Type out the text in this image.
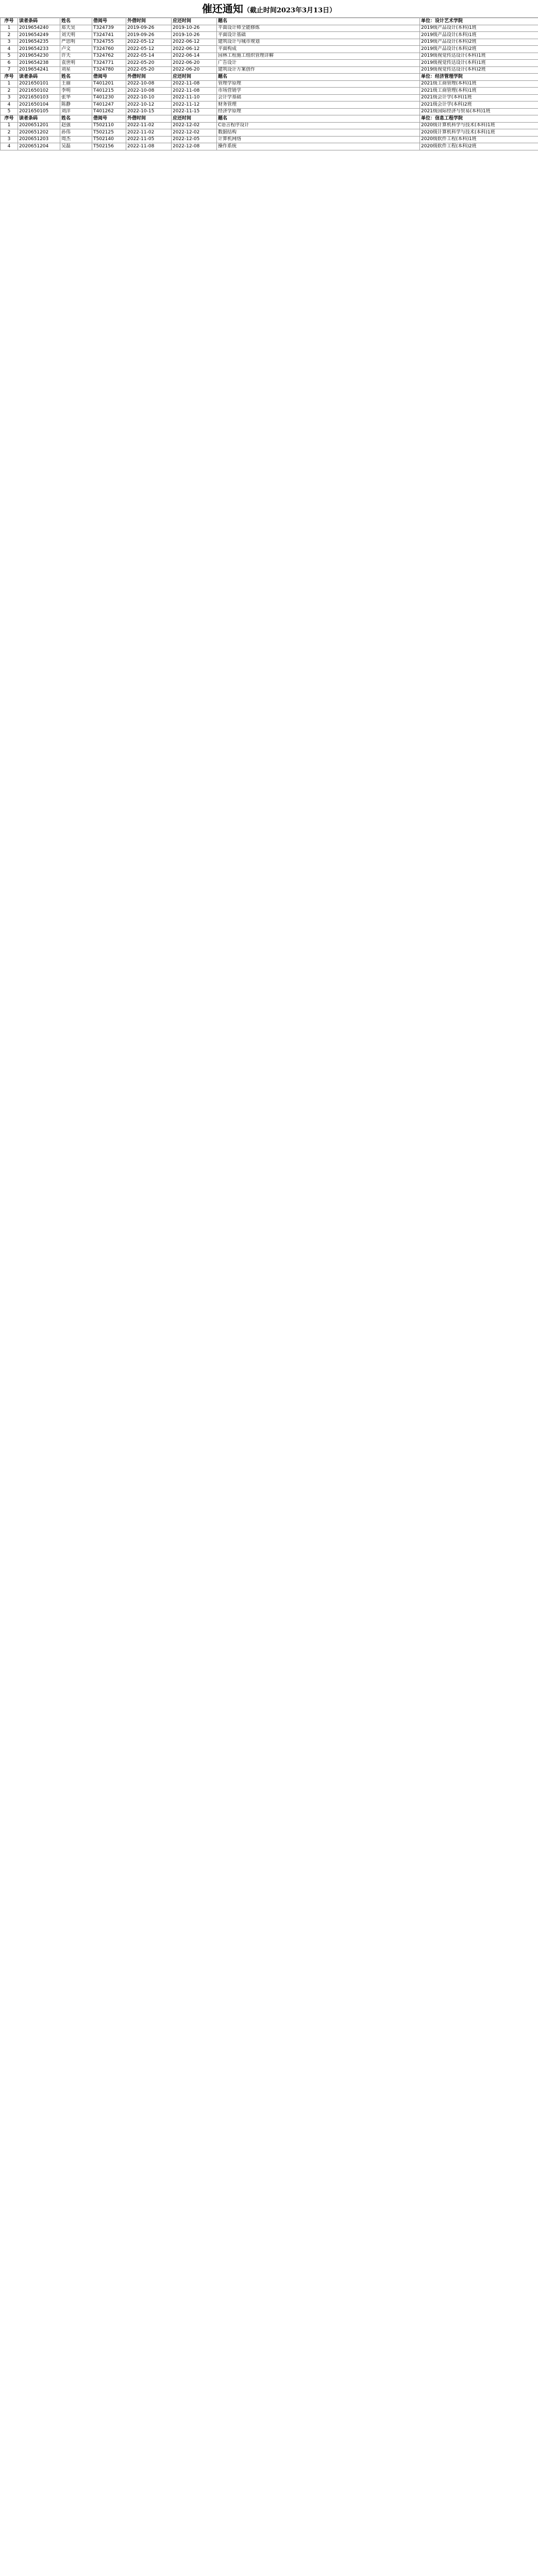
催还通知（截止时间2023年3月13日）
序号	读者条码	姓名	借阅号	外借时间	应还时间	题名	单位：设计艺术学院
1	2019654240	郑天昊	T324739	2019-09-26	2019-10-26	平面设计师全能修炼	2019级产品设计(本科)1班
2	2019654249	刘天明	T324741	2019-09-26	2019-10-26	平面设计基础	2019级产品设计(本科)1班
3	2019654235	严思明	T324755	2022-05-12	2022-06-12	建筑设计与城市规划	2019级产品设计(本科)2班
4	2019654233	卢文	T324760	2022-05-12	2022-06-12	平面构成	2019级产品设计(本科)2班
5	2019654230	许天	T324762	2022-05-14	2022-06-14	园林工程施工组织管理详解	2019级视觉传达设计(本科)1班
6	2019654238	袁世明	T324771	2022-05-20	2022-06-20	广告设计	2019级视觉传达设计(本科)1班
7	2019654241	刘星	T324780	2022-05-20	2022-06-20	建筑设计方案创作	2019级视觉传达设计(本科)2班
序号	读者条码	姓名	借阅号	外借时间	应还时间	题名	单位：经济管理学院
1	2021650101	王丽	T401201	2022-10-08	2022-11-08	管理学原理	2021级工商管理(本科)1班
2	2021650102	李明	T401215	2022-10-08	2022-11-08	市场营销学	2021级工商管理(本科)1班
3	2021650103	张华	T401230	2022-10-10	2022-11-10	会计学基础	2021级会计学(本科)1班
4	2021650104	陈静	T401247	2022-10-12	2022-11-12	财务管理	2021级会计学(本科)2班
5	2021650105	刘洋	T401262	2022-10-15	2022-11-15	经济学原理	2021级国际经济与贸易(本科)1班
序号	读者条码	姓名	借阅号	外借时间	应还时间	题名	单位：信息工程学院
1	2020651201	赵强	T502110	2022-11-02	2022-12-02	C语言程序设计	2020级计算机科学与技术(本科)1班
2	2020651202	孙伟	T502125	2022-11-02	2022-12-02	数据结构	2020级计算机科学与技术(本科)1班
3	2020651203	周杰	T502140	2022-11-05	2022-12-05	计算机网络	2020级软件工程(本科)1班
4	2020651204	吴磊	T502156	2022-11-08	2022-12-08	操作系统	2020级软件工程(本科)2班
